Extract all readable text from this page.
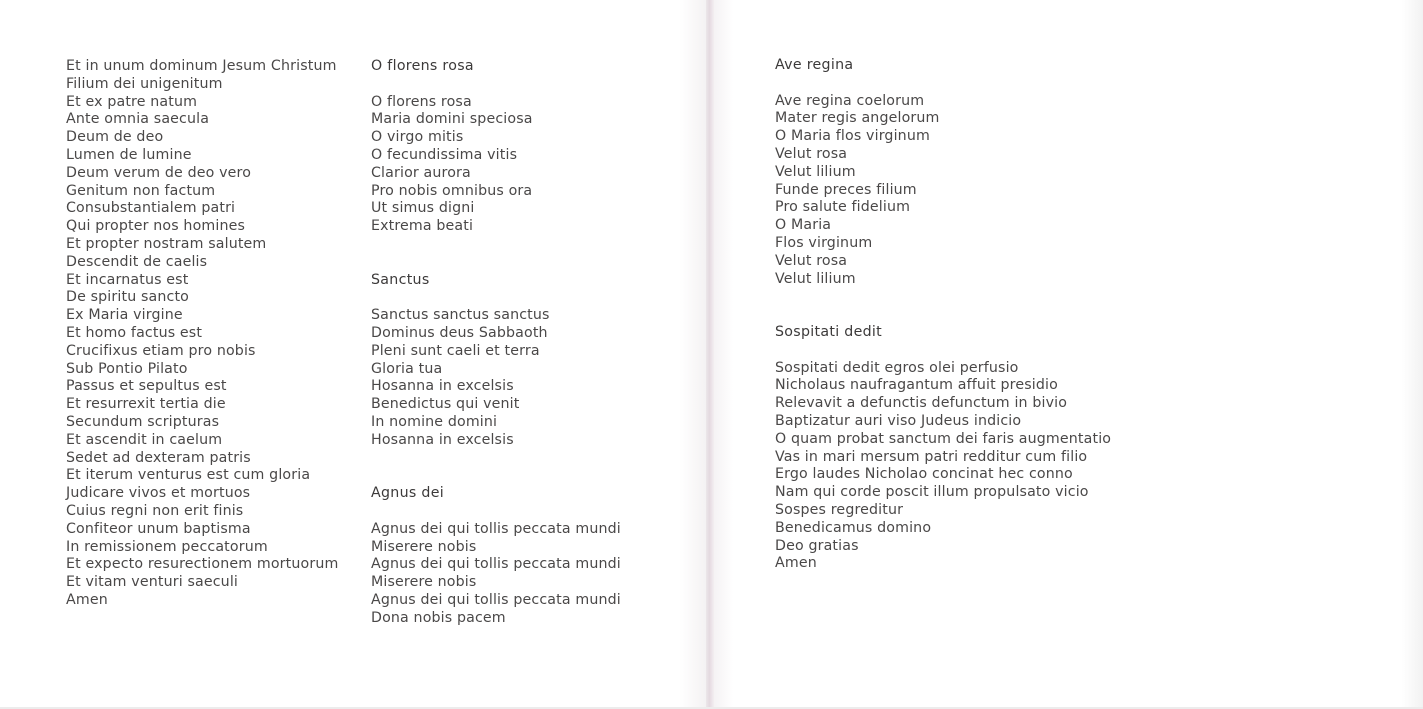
Et in unum dominum Jesum Christum
Filium dei unigenitum
Et ex patre natum
Ante omnia saecula
Deum de deo
Lumen de lumine
Deum verum de deo vero
Genitum non factum
Consubstantialem patri
Qui propter nos homines
Et propter nostram salutem
Descendit de caelis
Et incarnatus est
De spiritu sancto
Ex Maria virgine
Et homo factus est
Crucifixus etiam pro nobis
Sub Pontio Pilato
Passus et sepultus est
Et resurrexit tertia die
Secundum scripturas
Et ascendit in caelum
Sedet ad dexteram patris
Et iterum venturus est cum gloria
Judicare vivos et mortuos
Cuius regni non erit finis
Confiteor unum baptisma
In remissionem peccatorum
Et expecto resurectionem mortuorum
Et vitam venturi saeculi
Amen
O florens rosa
O florens rosa
Maria domini speciosa
O virgo mitis
O fecundissima vitis
Clarior aurora
Pro nobis omnibus ora
Ut simus digni
Extrema beati
Sanctus
Sanctus sanctus sanctus
Dominus deus Sabbaoth
Pleni sunt caeli et terra
Gloria tua
Hosanna in excelsis
Benedictus qui venit
In nomine domini
Hosanna in excelsis
Agnus dei
Agnus dei qui tollis peccata mundi
Miserere nobis
Agnus dei qui tollis peccata mundi
Miserere nobis
Agnus dei qui tollis peccata mundi
Dona nobis pacem
Ave regina
Ave regina coelorum
Mater regis angelorum
O Maria flos virginum
Velut rosa
Velut lilium
Funde preces filium
Pro salute fidelium
O Maria
Flos virginum
Velut rosa
Velut lilium
Sospitati dedit
Sospitati dedit egros olei perfusio
Nicholaus naufragantum affuit presidio
Relevavit a defunctis defunctum in bivio
Baptizatur auri viso Judeus indicio
O quam probat sanctum dei faris augmentatio
Vas in mari mersum patri redditur cum filio
Ergo laudes Nicholao concinat hec conno
Nam qui corde poscit illum propulsato vicio
Sospes regreditur
Benedicamus domino
Deo gratias
Amen
